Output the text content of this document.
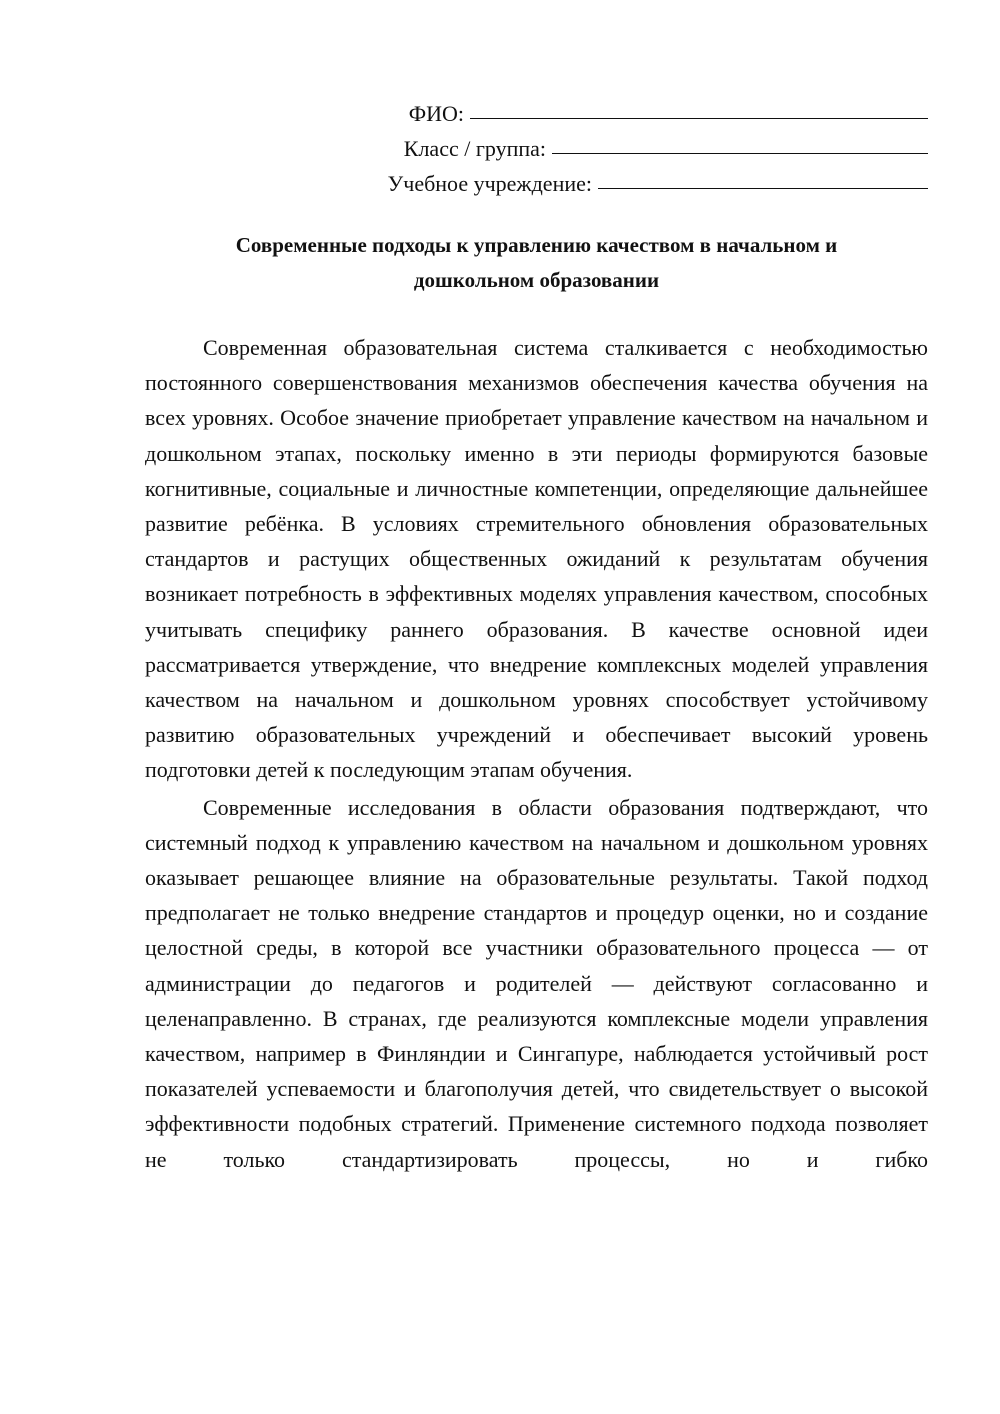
ФИО:
Класс / группа:
Учебное учреждение:
Современные подходы к управлению качеством в начальном и
дошкольном образовании

Современная образовательная система сталкивается с необходимостью постоянного совершенствования механизмов обеспечения качества обучения на всех уровнях. Особое значение приобретает управление качеством на начальном и дошкольном этапах, поскольку именно в эти периоды формируются базовые когнитивные, социальные и личностные компетенции, определяющие дальнейшее развитие ребёнка. В условиях стремительного обновления образовательных стандартов и растущих общественных ожиданий к результатам обучения возникает потребность в эффективных моделях управления качеством, способных учитывать специфику раннего образования. В качестве основной идеи рассматривается утверждение, что внедрение комплексных моделей управления качеством на начальном и дошкольном уровнях способствует устойчивому развитию образовательных учреждений и обеспечивает высокий уровень подготовки детей к последующим этапам обучения.

Современные исследования в области образования подтверждают, что системный подход к управлению качеством на начальном и дошкольном уровнях оказывает решающее влияние на образовательные результаты. Такой подход предполагает не только внедрение стандартов и процедур оценки, но и создание целостной среды, в которой все участники образовательного процесса — от администрации до педагогов и родителей — действуют согласованно и целенаправленно. В странах, где реализуются комплексные модели управления качеством, например в Финляндии и Сингапуре, наблюдается устойчивый рост показателей успеваемости и благополучия детей, что свидетельствует о высокой эффективности подобных стратегий. Применение системного подхода позволяет не только стандартизировать процессы, но и гибко
